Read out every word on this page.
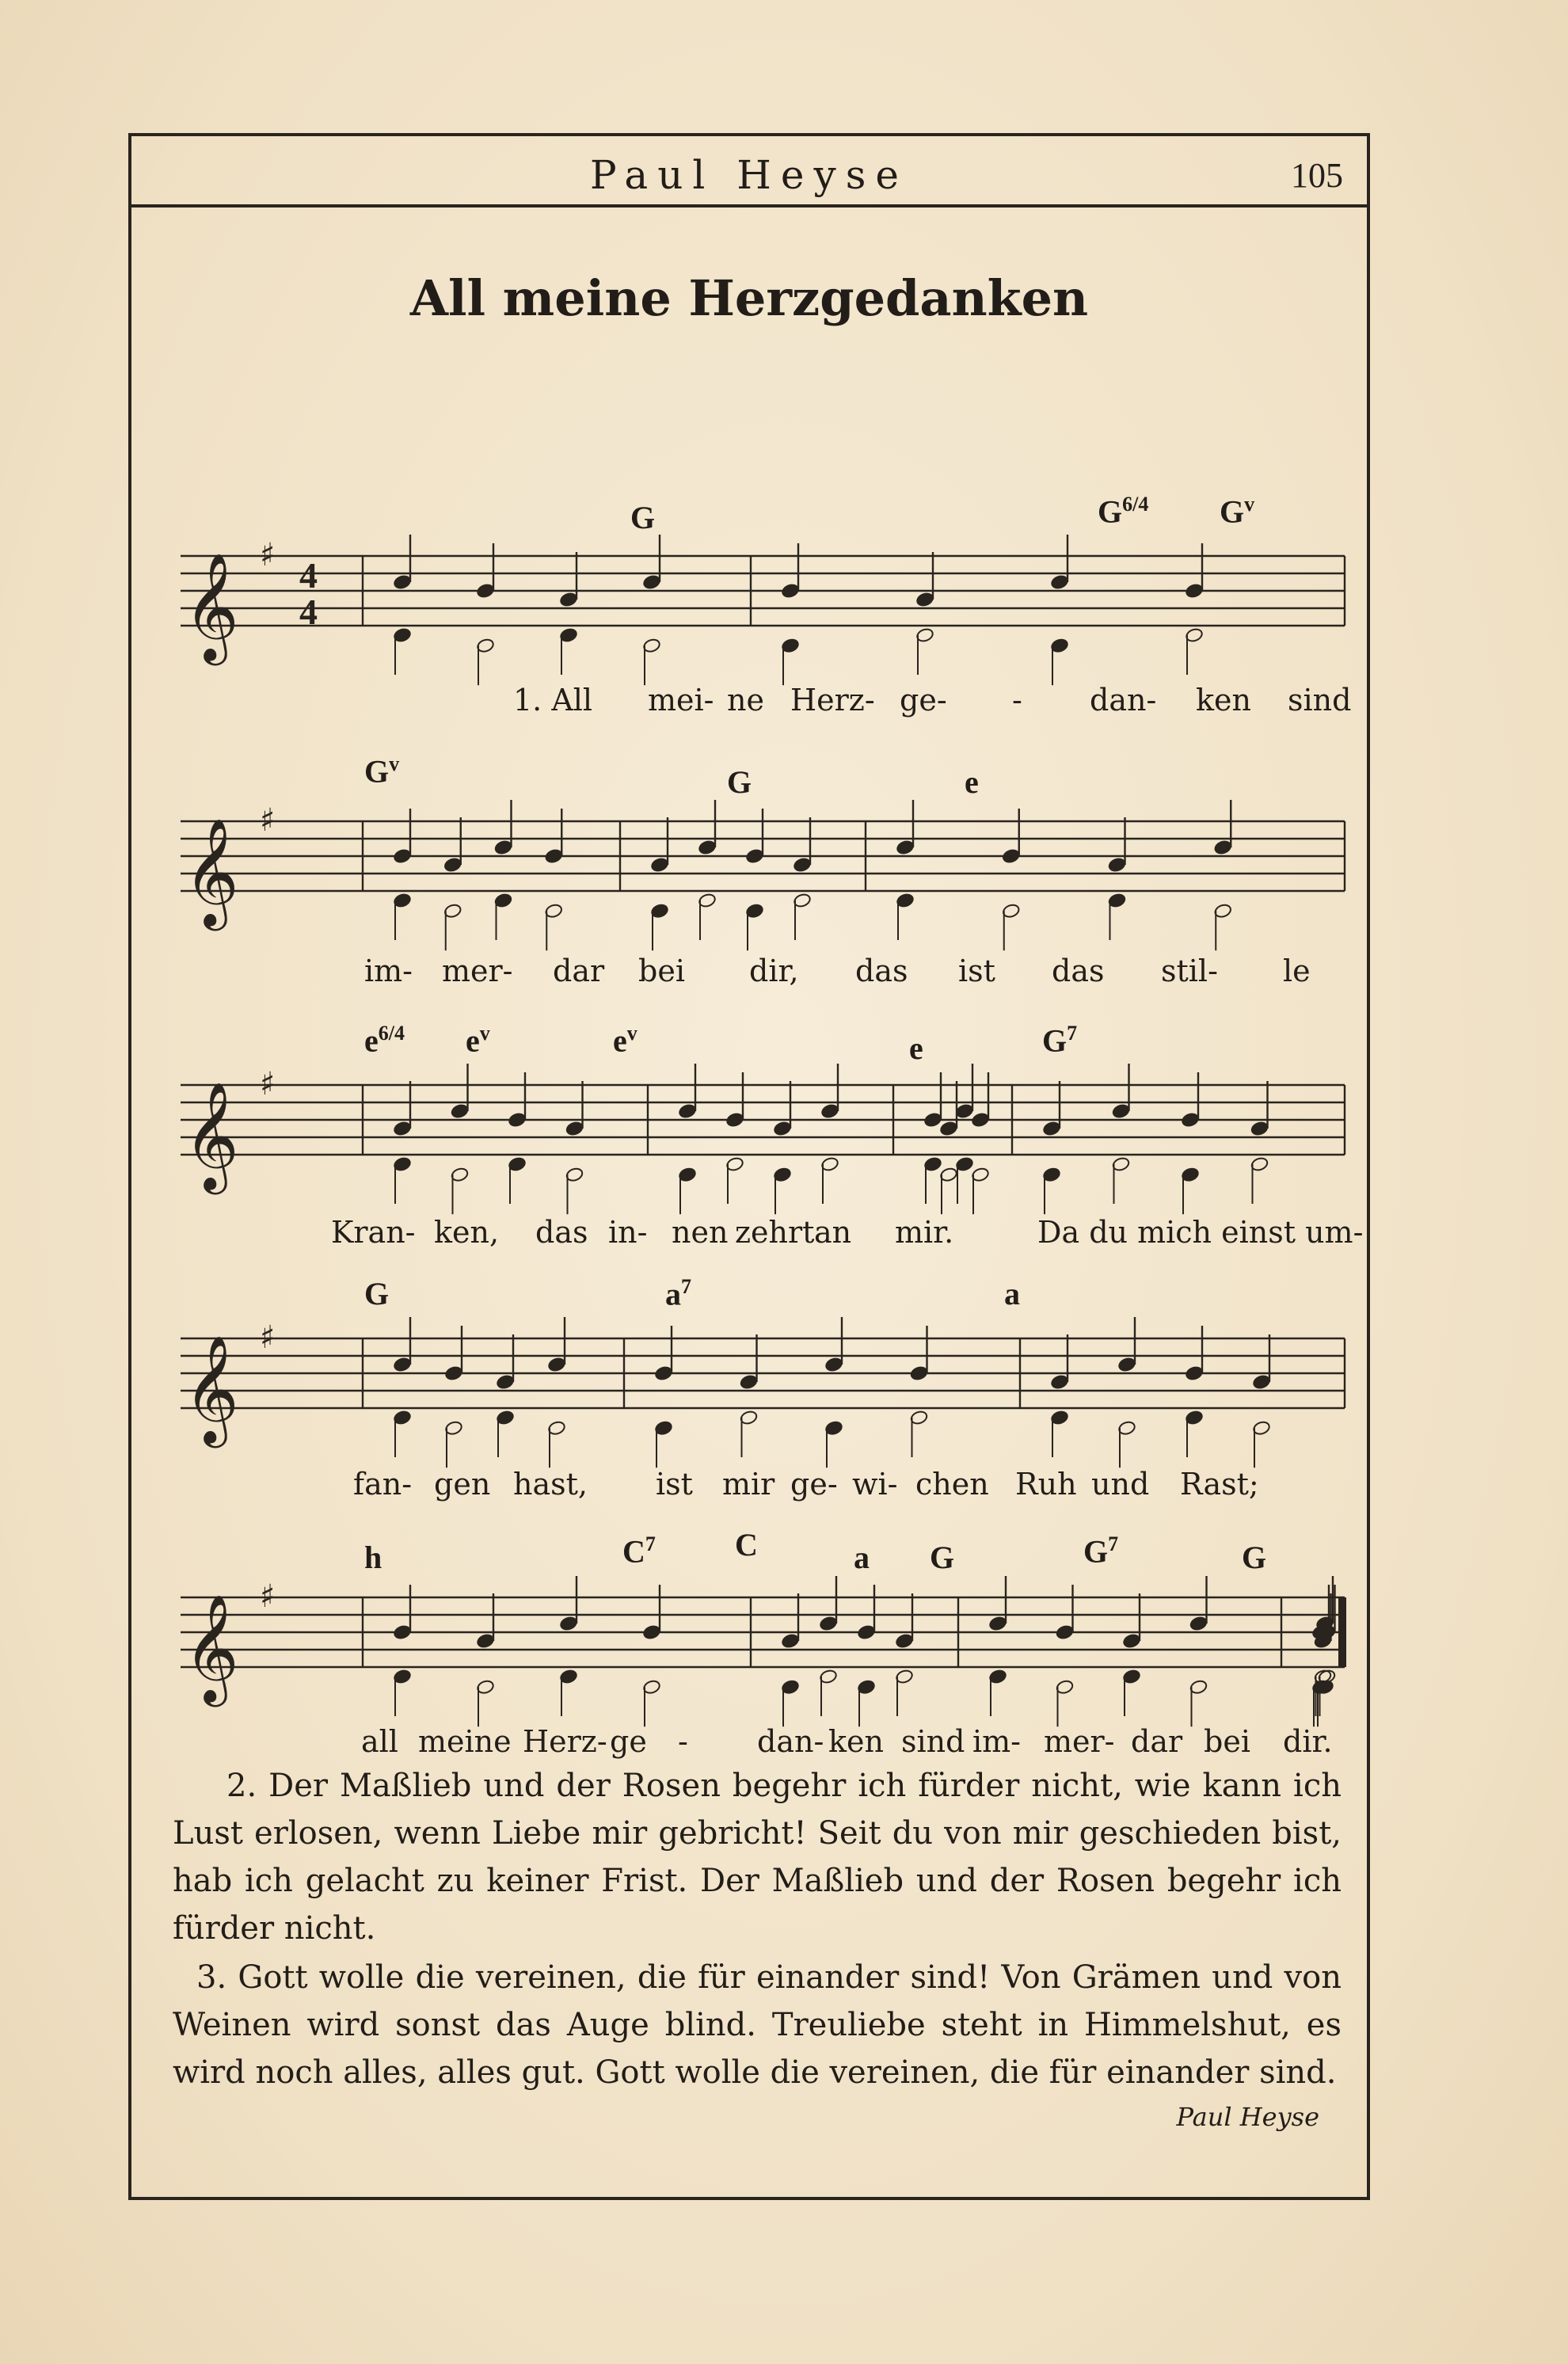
Paul Heyse	105
All meine Herzgedanken
G	$G^{6/4}$ $G^v$
𝄞 ♯ 4
4
1. All mei- ne Herz- ge- - dan- ken sind
$G^v$
G	e
𝄞 ♯
im- mer- dar bei dir, das ist das stil- le
$e^{6/4}$ $e^v$	$e^v$	e	$G^7$
𝄞 ♯
Kran- ken, das in- nen zehrt an mir.	Da du mich einst um-
G	$a^7$	a
𝄞 ♯
fan- gen hast, ist mir ge- wi- chen Ruh und Rast;
h	$C^7$	C	a G	$G^7$	G
𝄞 ♯
all meine Herz- ge - dan- ken sind im- mer- dar bei dir.

2. Der Maßlieb und der Rosen begehr ich fürder nicht, wie kann ich Lust erlosen, wenn Liebe mir gebricht! Seit du von mir geschieden bist, hab ich gelacht zu keiner Frist. Der Maßlieb und der Rosen begehr ich fürder nicht.

3. Gott wolle die vereinen, die für einander sind! Von Grämen und von Weinen wird sonst das Auge blind. Treuliebe steht in Himmelshut, es wird noch alles, alles gut. Gott wolle die vereinen, die für einander sind.

Paul Heyse
